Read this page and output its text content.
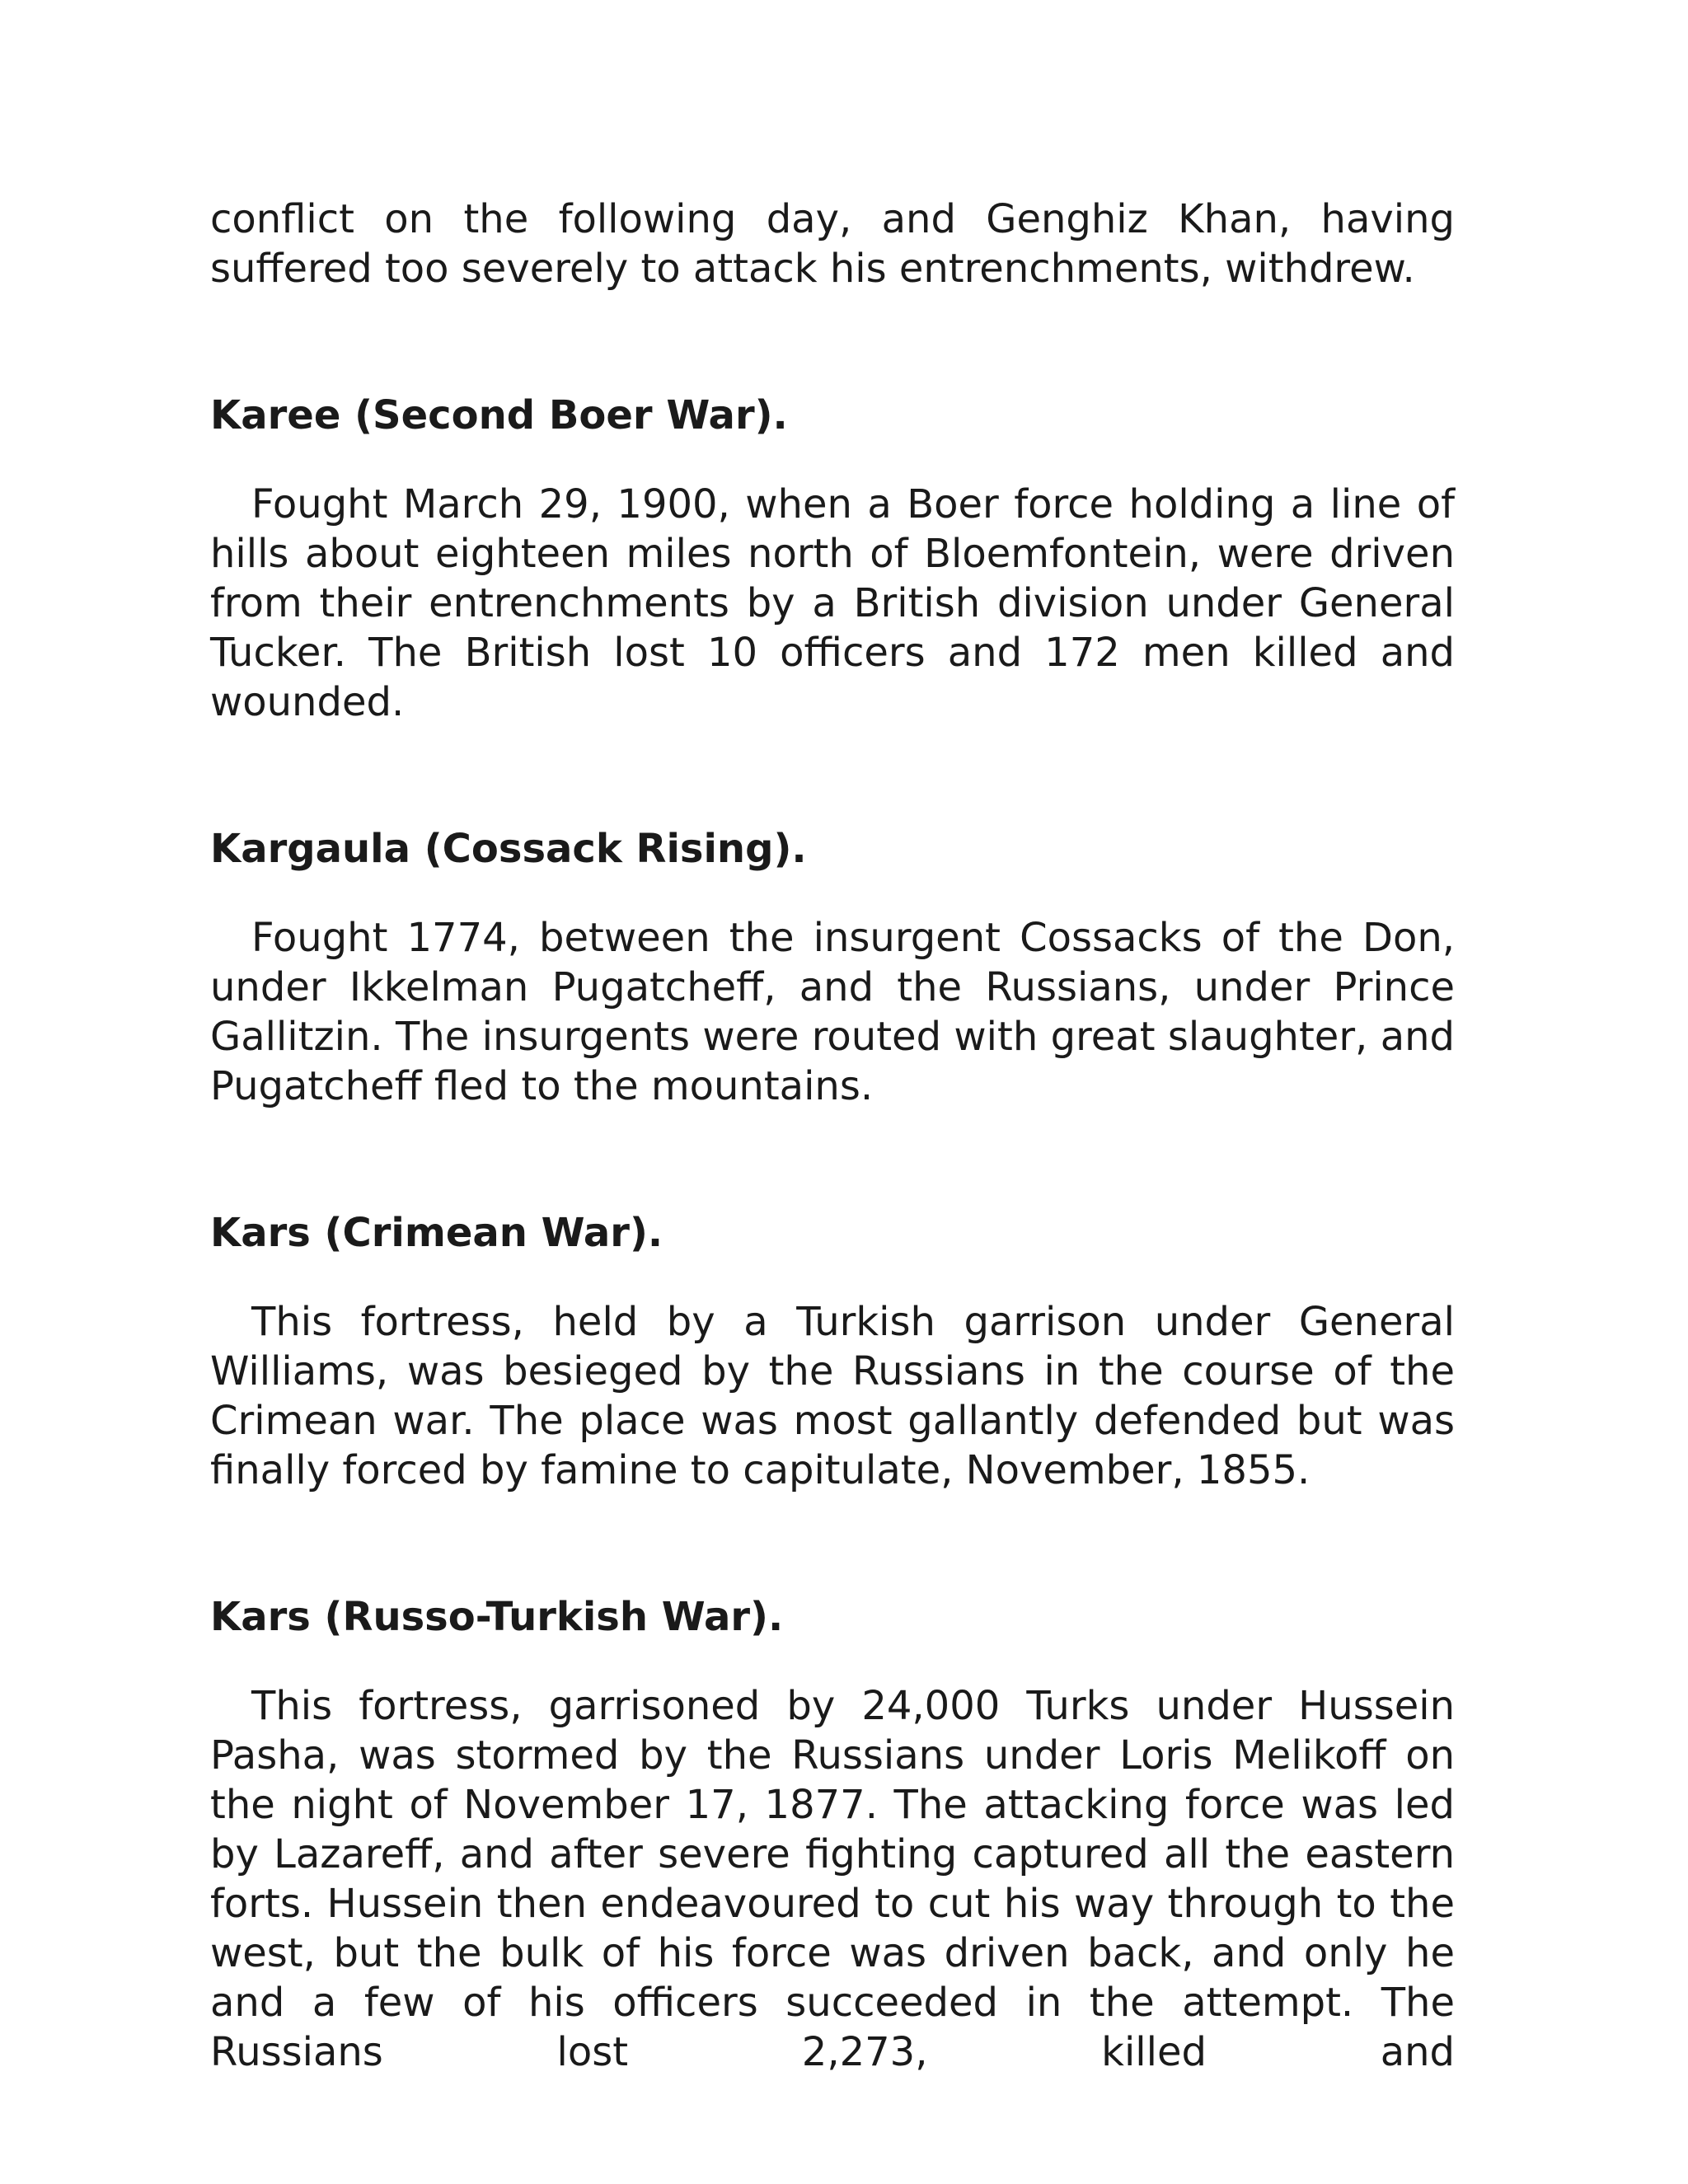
conflict on the following day, and Genghiz Khan, having suffered too severely to attack his entrenchments, withdrew.

Karee (Second Boer War).

Fought March 29, 1900, when a Boer force holding a line of hills about eighteen miles north of Bloemfontein, were driven from their entrenchments by a British division under General Tucker. The British lost 10 officers and 172 men killed and wounded.

Kargaula (Cossack Rising).

Fought 1774, between the insurgent Cossacks of the Don, under Ikkelman Pugatcheff, and the Russians, under Prince Gallitzin. The insurgents were routed with great slaughter, and Pugatcheff fled to the mountains.

Kars (Crimean War).

This fortress, held by a Turkish garrison under General Williams, was besieged by the Russians in the course of the Crimean war. The place was most gallantly defended but was finally forced by famine to capitulate, November, 1855.

Kars (Russo-Turkish War).

This fortress, garrisoned by 24,000 Turks under Hussein Pasha, was stormed by the Russians under Loris Melikoff on the night of November 17, 1877. The attacking force was led by Lazareff, and after severe fighting captured all the eastern forts. Hussein then endeavoured to cut his way through to the west, but the bulk of his force was driven back, and only he and a few of his officers succeeded in the attempt. The Russians lost 2,273, killed and
